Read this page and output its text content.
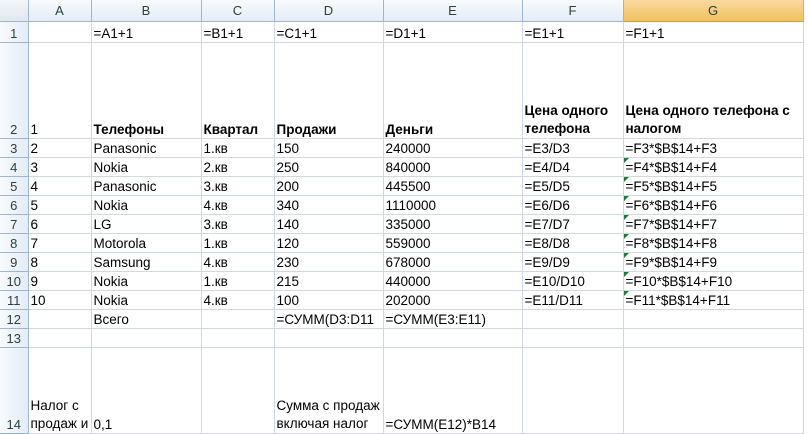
	A	B	C	D	E	F	G
1		=A1+1	=B1+1	=C1+1	=D1+1	=E1+1	=F1+1
2	1	Телефоны	Квартал	Продажи	Деньги	Цена одного телефона	Цена одного телефона с налогом
3	2	Panasonic	1.кв	150	240000	=E3/D3	=F3*$B$14+F3
4	3	Nokia	2.кв	250	840000	=E4/D4	=F4*$B$14+F4
5	4	Panasonic	3.кв	200	445500	=E5/D5	=F5*$B$14+F5
6	5	Nokia	4.кв	340	1110000	=E6/D6	=F6*$B$14+F6
7	6	LG	3.кв	140	335000	=E7/D7	=F7*$B$14+F7
8	7	Motorola	1.кв	120	559000	=E8/D8	=F8*$B$14+F8
9	8	Samsung	4.кв	230	678000	=E9/D9	=F9*$B$14+F9
10	9	Nokia	1.кв	215	440000	=E10/D10	=F10*$B$14+F10
11	10	Nokia	4.кв	100	202000	=E11/D11	=F11*$B$14+F11
12		Всего		=СУММ(D3:D11	=СУММ(E3:E11)		
13							
14	Налог с продаж и	0,1		Сумма с продаж включая налог	=СУММ(E12)*B14		
